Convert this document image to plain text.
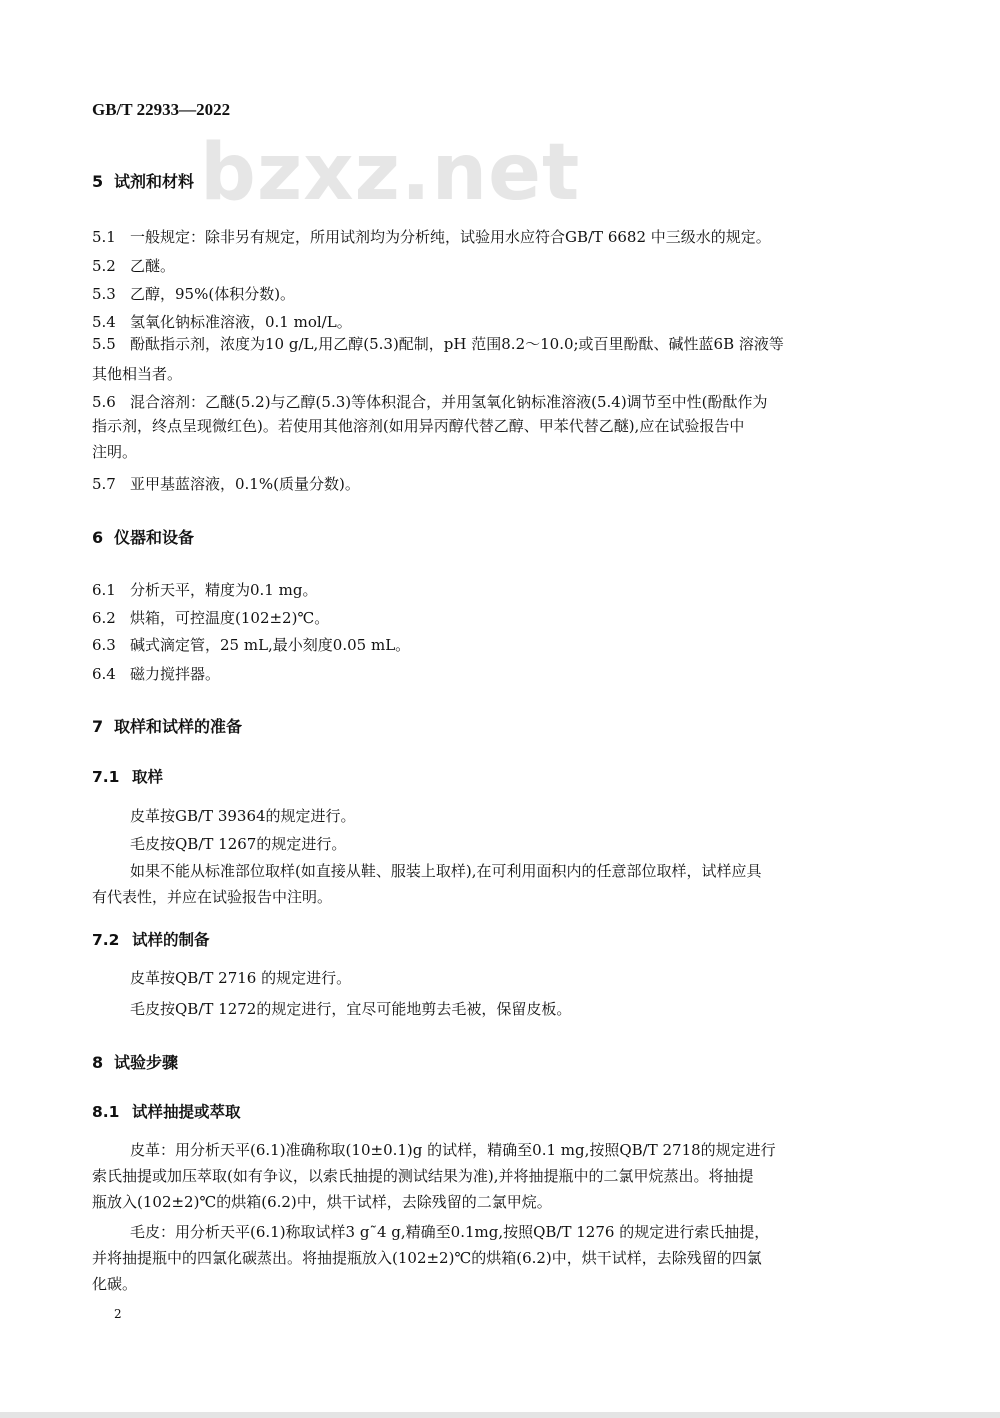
bzxz.net
GB/T 22933—2022
5 试剂和材料
5.1 一般规定：除非另有规定，所用试剂均为分析纯，试验用水应符合GB/T 6682 中三级水的规定。
5.2 乙醚。
5.3 乙醇，95%(体积分数)。
5.4 氢氧化钠标准溶液，0.1 mol/L。
5.5 酚酞指示剂，浓度为10 g/L,用乙醇(5.3)配制，pH 范围8.2～10.0;或百里酚酞、碱性蓝6B 溶液等
其他相当者。
5.6 混合溶剂：乙醚(5.2)与乙醇(5.3)等体积混合，并用氢氧化钠标准溶液(5.4)调节至中性(酚酞作为
指示剂，终点呈现微红色)。若使用其他溶剂(如用异丙醇代替乙醇、甲苯代替乙醚),应在试验报告中
注明。
5.7 亚甲基蓝溶液，0.1%(质量分数)。
6 仪器和设备
6.1 分析天平，精度为0.1 mg。
6.2 烘箱，可控温度(102±2)℃。
6.3 碱式滴定管，25 mL,最小刻度0.05 mL。
6.4 磁力搅拌器。
7 取样和试样的准备
7.1 取样
皮革按GB/T 39364的规定进行。
毛皮按QB/T 1267的规定进行。
如果不能从标准部位取样(如直接从鞋、服装上取样),在可利用面积内的任意部位取样，试样应具
有代表性，并应在试验报告中注明。
7.2 试样的制备
皮革按QB/T 2716 的规定进行。
毛皮按QB/T 1272的规定进行，宜尽可能地剪去毛被，保留皮板。
8 试验步骤
8.1 试样抽提或萃取
皮革：用分析天平(6.1)准确称取(10±0.1)g 的试样，精确至0.1 mg,按照QB/T 2718的规定进行
索氏抽提或加压萃取(如有争议，以索氏抽提的测试结果为准),并将抽提瓶中的二氯甲烷蒸出。将抽提
瓶放入(102±2)℃的烘箱(6.2)中，烘干试样，去除残留的二氯甲烷。
毛皮：用分析天平(6.1)称取试样3 g˜4 g,精确至0.1mg,按照QB/T 1276 的规定进行索氏抽提，
并将抽提瓶中的四氯化碳蒸出。将抽提瓶放入(102±2)℃的烘箱(6.2)中，烘干试样，去除残留的四氯
化碳。
2
